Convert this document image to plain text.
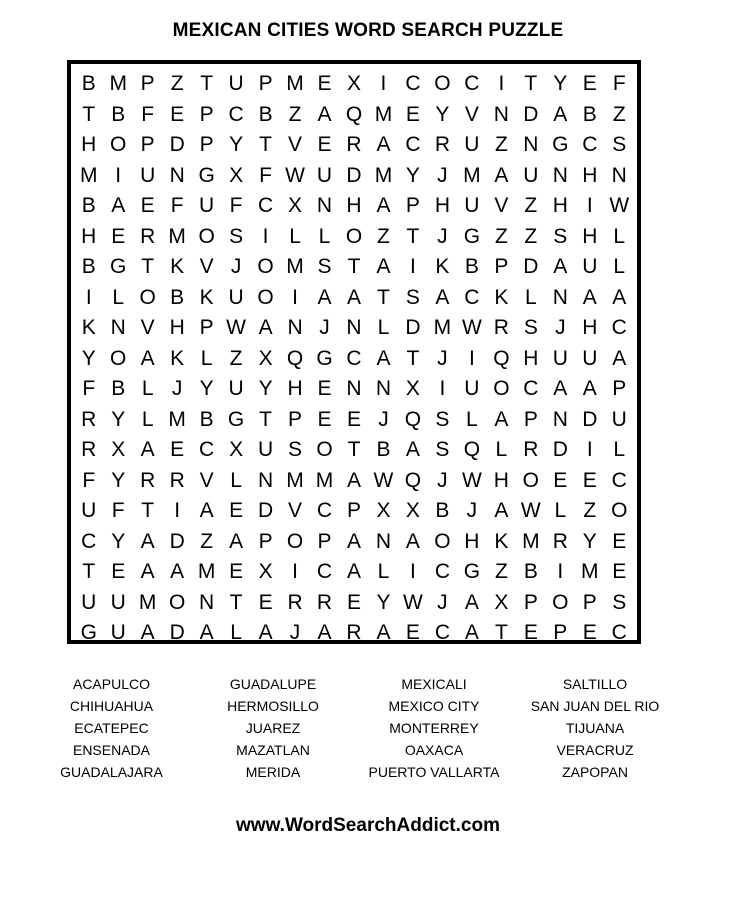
MEXICAN CITIES WORD SEARCH PUZZLE
B M P Z T U P M E X I C O C I T Y E F
T B F E P C B Z A Q M E Y V N D A B Z
H O P D P Y T V E R A C R U Z N G C S
M I U N G X F W U D M Y J M A U N H N
B A E F U F C X N H A P H U V Z H I W
H E R M O S I L L O Z T J G Z Z S H L
B G T K V J O M S T A I K B P D A U L
I L O B K U O I A A T S A C K L N A A
K N V H P W A N J N L D M W R S J H C
Y O A K L Z X Q G C A T J	I Q H U U A
F B L J Y U Y H E N N X I U O C A A P
R Y L M B G T P E E J Q S L A P N D U
R X A E C X U S O T B A S Q L R D I L
F Y R R V L N M M A W Q J W H O E E C
U F T I A E D V C P X X B J A W L Z O
C Y A D Z A P O P A N A O H K M R Y E
T E A A M E X I C A L I C G Z B I M E
U U M O N T E R R E Y W J A X P O P S
G U A D A L A J A R A E C A T E P E C
ACAPULCO
CHIHUAHUA
ECATEPEC
ENSENADA
GUADALAJARA
GUADALUPE
HERMOSILLO
JUAREZ
MAZATLAN
MERIDA
MEXICALI
MEXICO CITY
MONTERREY
OAXACA
PUERTO VALLARTA
SALTILLO
SAN JUAN DEL RIO
TIJUANA
VERACRUZ
ZAPOPAN
www.WordSearchAddict.com
